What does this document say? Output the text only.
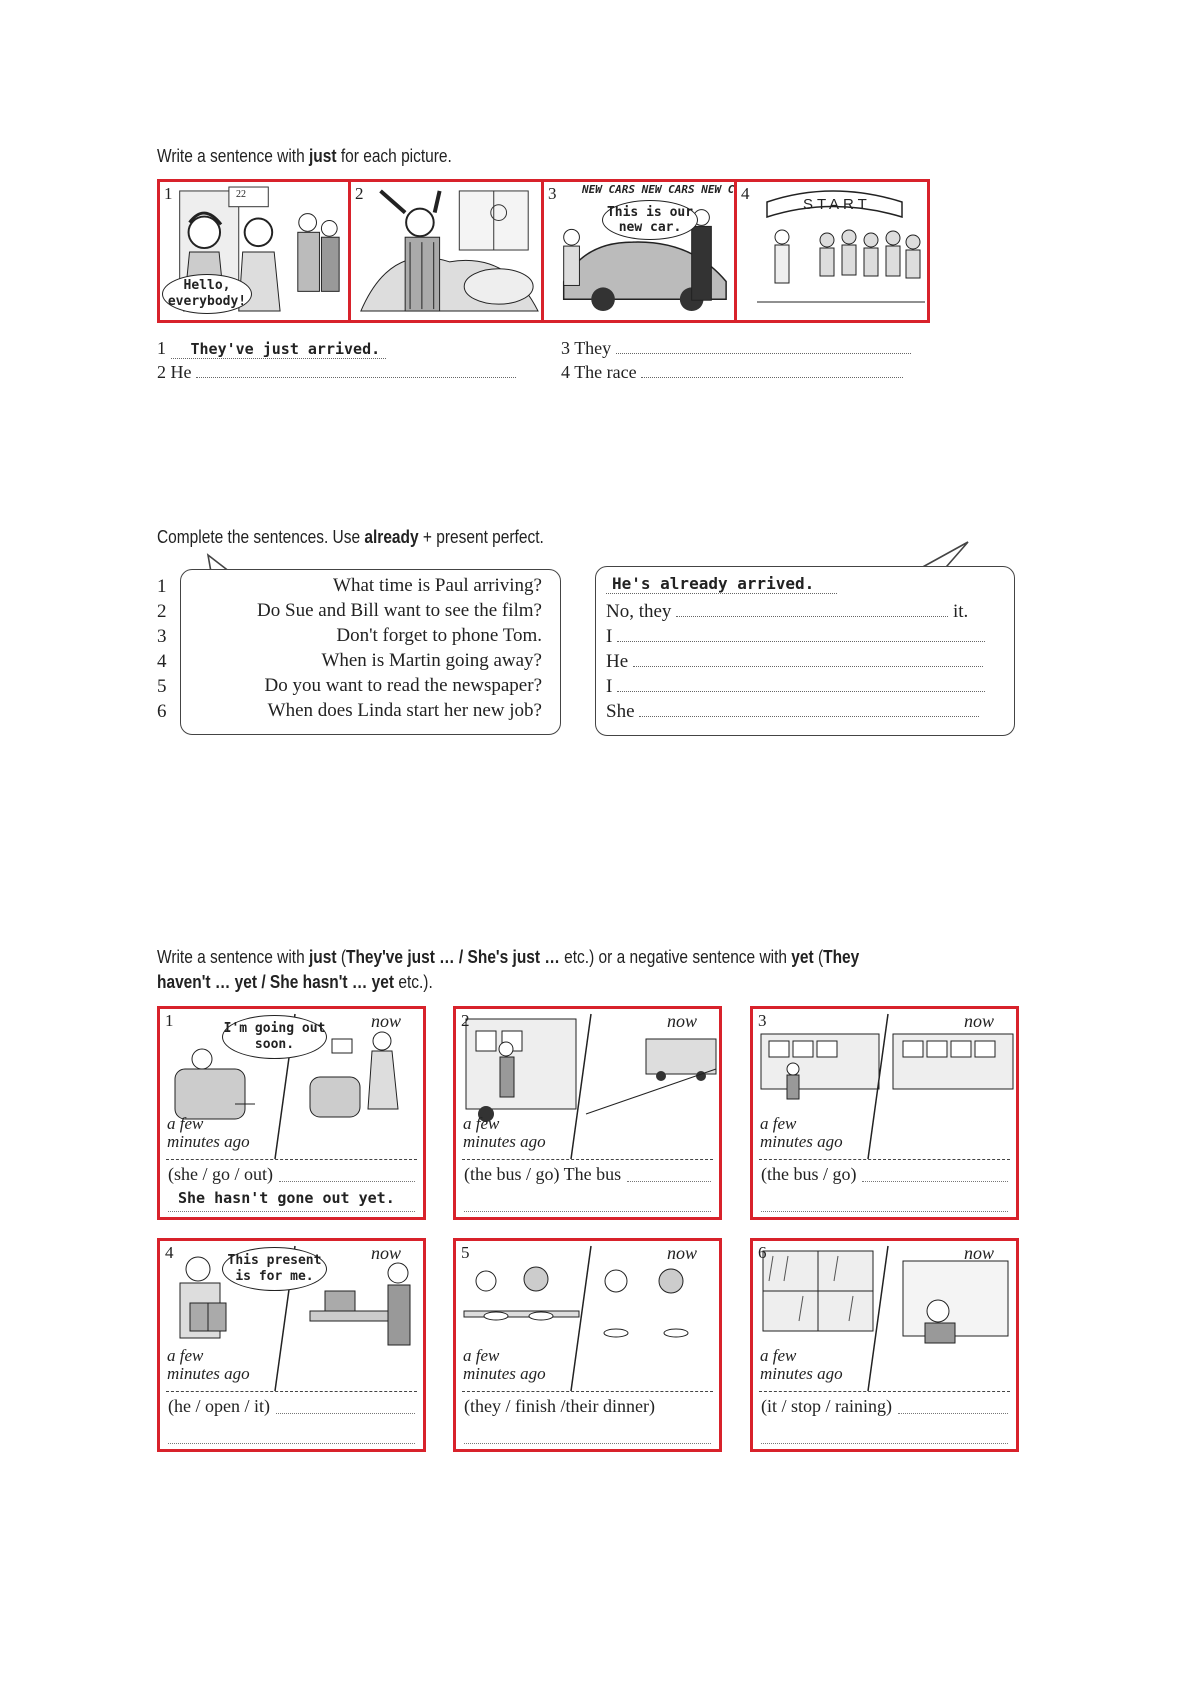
Write a sentence with just for each picture.
1	22
Hello, everybody!
2	3 NEW CARS NEW CARS NEW C
This is our new car.
4
START
1 They've just arrived.
2 He
3 They
4 The race
Complete the sentences. Use already + present perfect.
1
2
3
4
5
6
What time is Paul arriving?
Do Sue and Bill want to see the film?
Don't forget to phone Tom.
When is Martin going away?
Do you want to read the newspaper?
When does Linda start her new job?
He's already arrived.
No, they	it.
I
He
I
She
Write a sentence with just (They've just … / She's just … etc.) or a negative sentence with yet (They
haven't … yet / She hasn't … yet etc.).
1	now
a few
minutes ago
I'm going out soon.
(she / go / out)
She hasn't gone out yet.
2	now
a few
minutes ago
(the bus / go) The bus
3	now
a few
minutes ago
(the bus / go)
4	now
a few
minutes ago
This present is for me.
(he / open / it)
5	now
a few
minutes ago
(they / finish /their dinner)
6	now
a few
minutes ago
(it / stop / raining)
